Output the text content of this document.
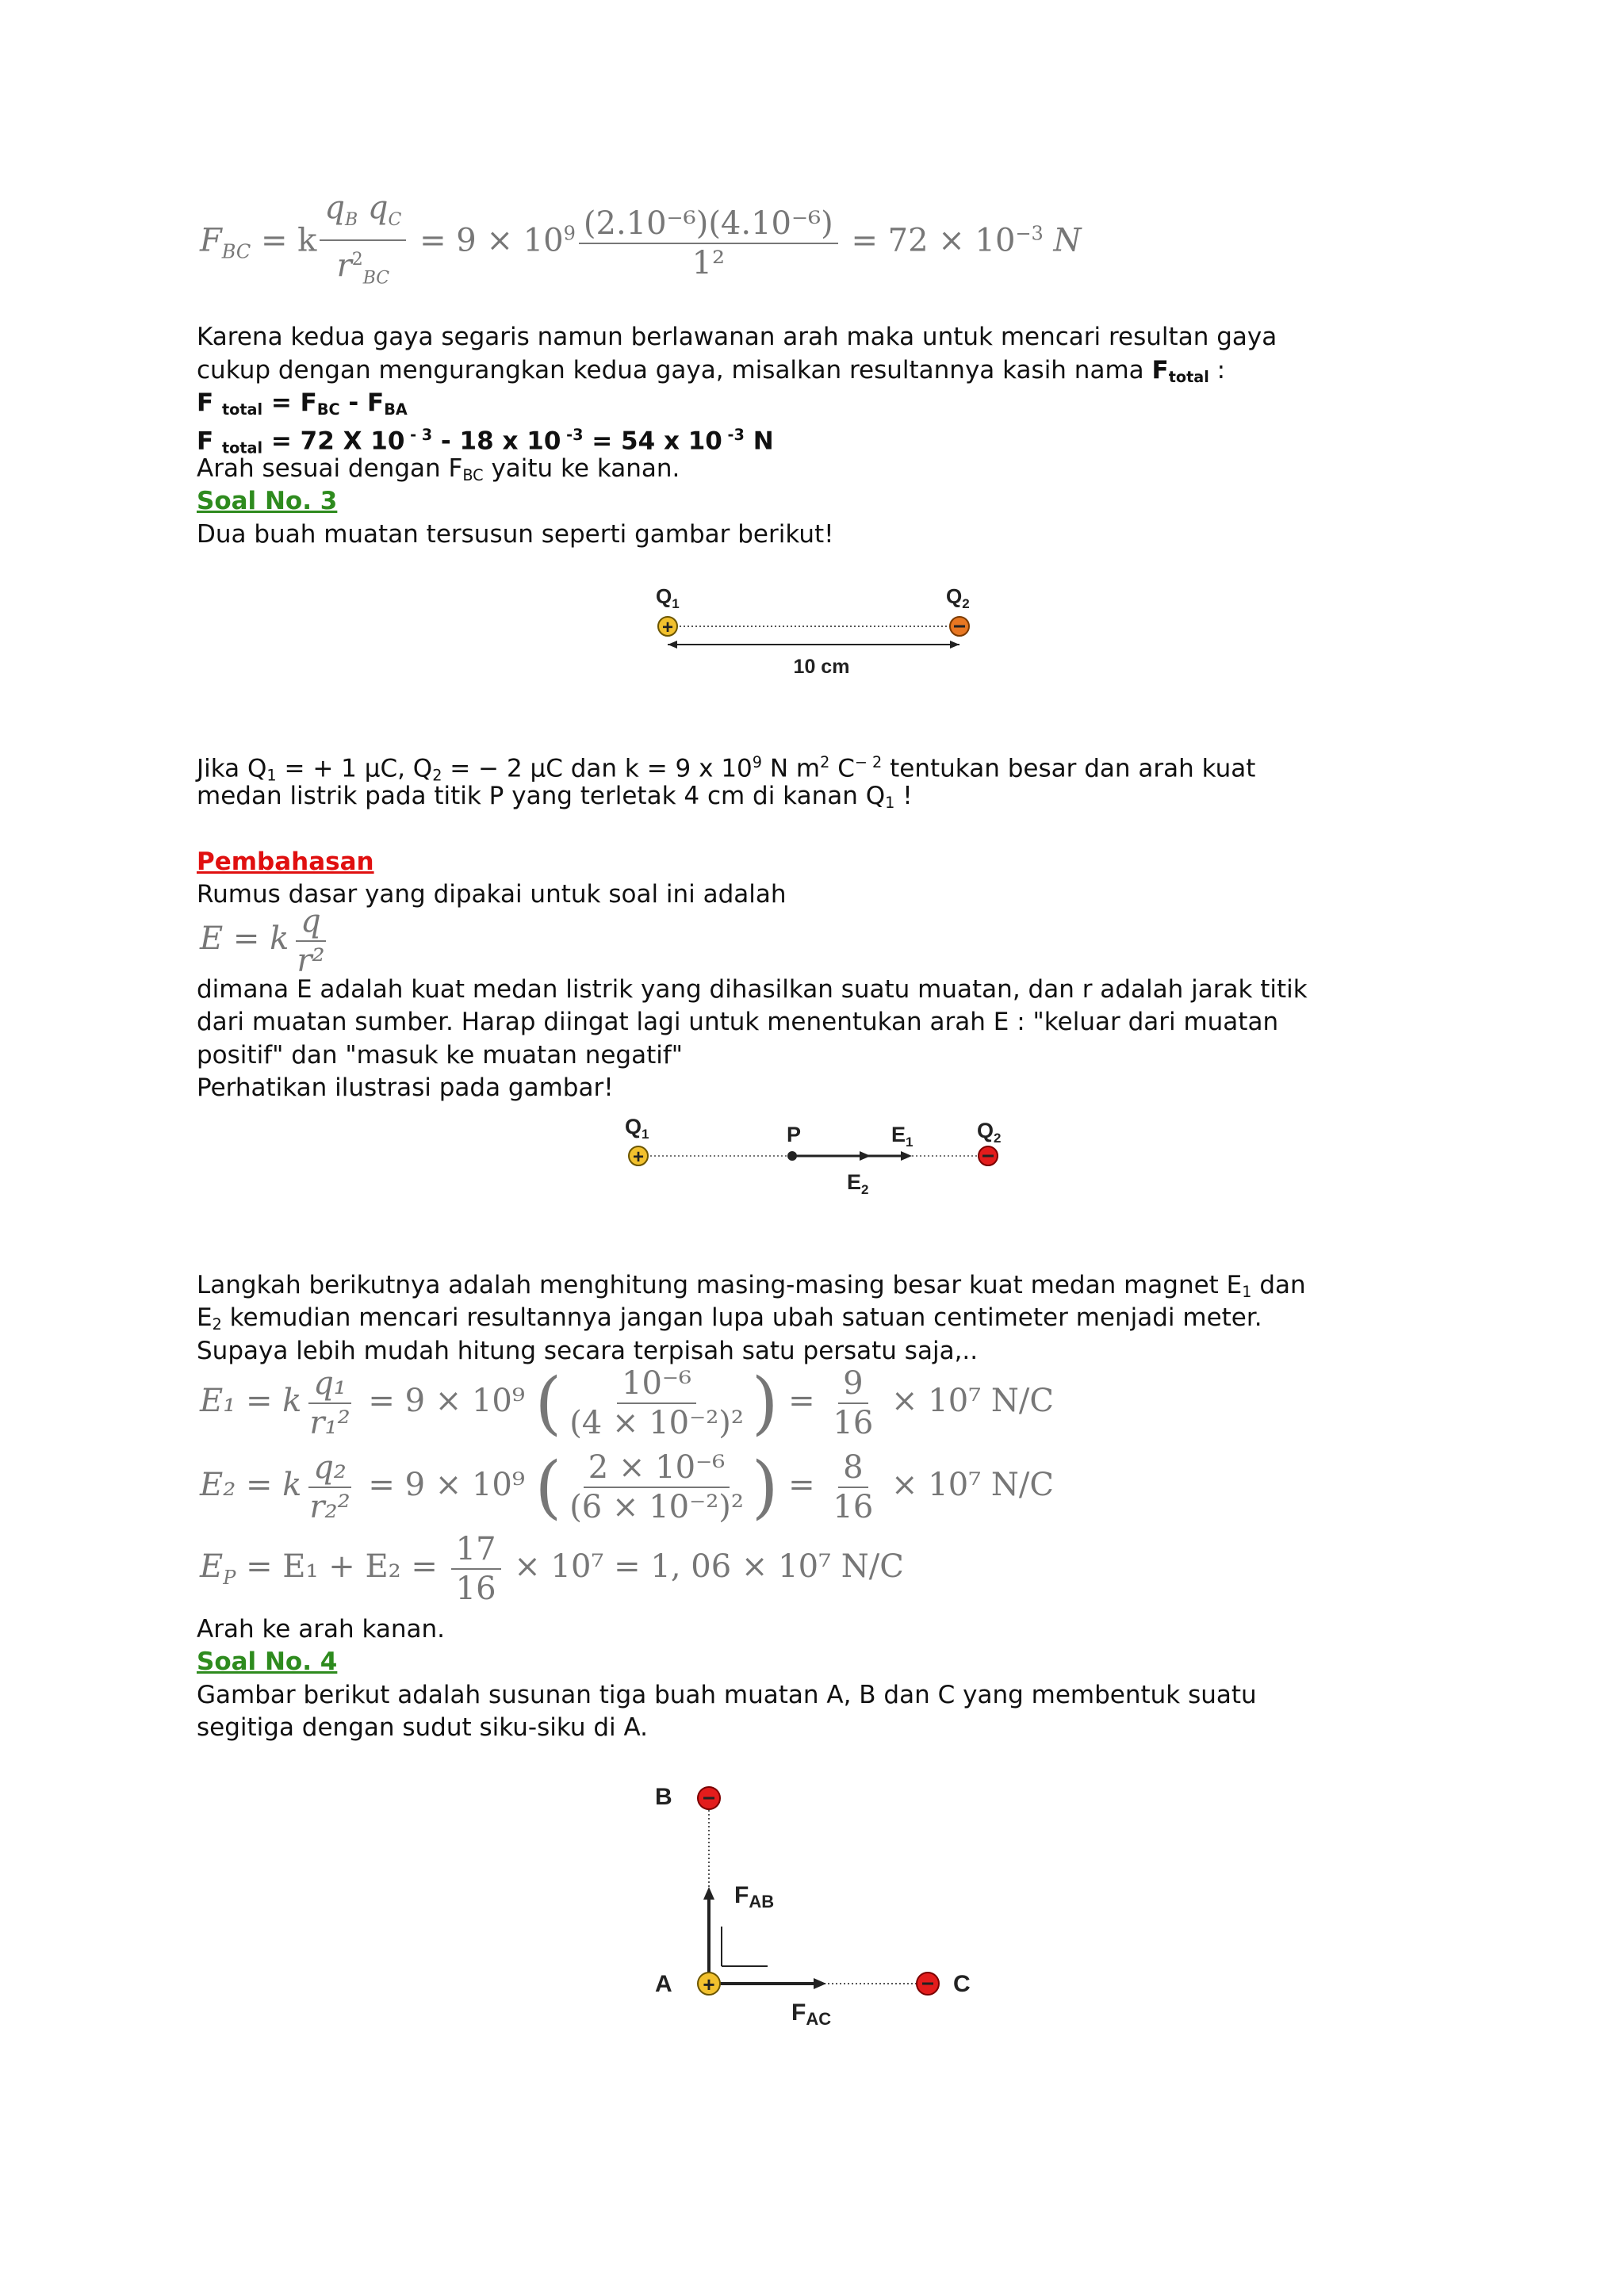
$F_{BC} = k \frac{q_B q_C}{r^2_{BC}} = 9 \times 10^9 \frac{\text{(2.10⁻⁶)(4.10⁻⁶)}}{\text{1²}} = 72 \times 10^{-3}$ N
Karena kedua gaya segaris namun berlawanan arah maka untuk mencari resultan gaya
cukup dengan mengurangkan kedua gaya, misalkan resultannya kasih nama $F_{total}$ :
F $_{total} = F_{BC} - F_{BA}$
F $_{total}$ = 72 X 10 $^{- 3}$ - 18 x 10 $^{-3}$ = 54 x 10 $^{-3}$ N
Arah sesuai dengan $F_{BC}$ yaitu ke kanan.
Soal No. 3
Dua buah muatan tersusun seperti gambar berikut!
$Q_1$	$Q_2$
+
10 cm
Jika $Q_1$ = + 1 μC, $Q_2$ = − 2 μC dan k = 9 x $10^9$ N $m^2$ $C^{- 2}$ tentukan besar dan arah kuat
medan listrik pada titik P yang terletak 4 cm di kanan $Q_1$ !
Pembahasan
Rumus dasar yang dipakai untuk soal ini adalah
E = k $\frac{q}{\text{r²}}$
dimana E adalah kuat medan listrik yang dihasilkan suatu muatan, dan r adalah jarak titik
dari muatan sumber. Harap diingat lagi untuk menentukan arah E : "keluar dari muatan
positif" dan "masuk ke muatan negatif"
Perhatikan ilustrasi pada gambar!
$Q_1$	P	$E_1$	$Q_2$
+
$E_2$
Langkah berikutnya adalah menghitung masing-masing besar kuat medan magnet $E_1$ dan
$E_2$ kemudian mencari resultannya jangan lupa ubah satuan centimeter menjadi meter.
Supaya lebih mudah hitung secara terpisah satu persatu saja,..
E₁ = k $\frac{\text{q₁}}{\text{r₁²}} = 9 \times 10^9$ ( $\frac{\text{10⁻⁶}}{\text{(4 × 10⁻²)²}}$ ) = $\frac{9}{16} \times 10^7$ N/C
E₂ = k $\frac{\text{q₂}}{\text{r₂²}} = 9 \times 10^9$ ( $\frac{\text{2 × 10⁻⁶}}{\text{(6 × 10⁻²)²}}$ ) = $\frac{8}{16} \times 10^7$ N/C
$E_P = E_1 + E_2 = \frac{17}{16} \times 10^7 = 1$, 06 × 10⁷ N/C
Arah ke arah kanan.
Soal No. 4
Gambar berikut adalah susunan tiga buah muatan A, B dan C yang membentuk suatu
segitiga dengan sudut siku-siku di A.
B
A	C
+
$F_{AB}$
$F_{AC}$
